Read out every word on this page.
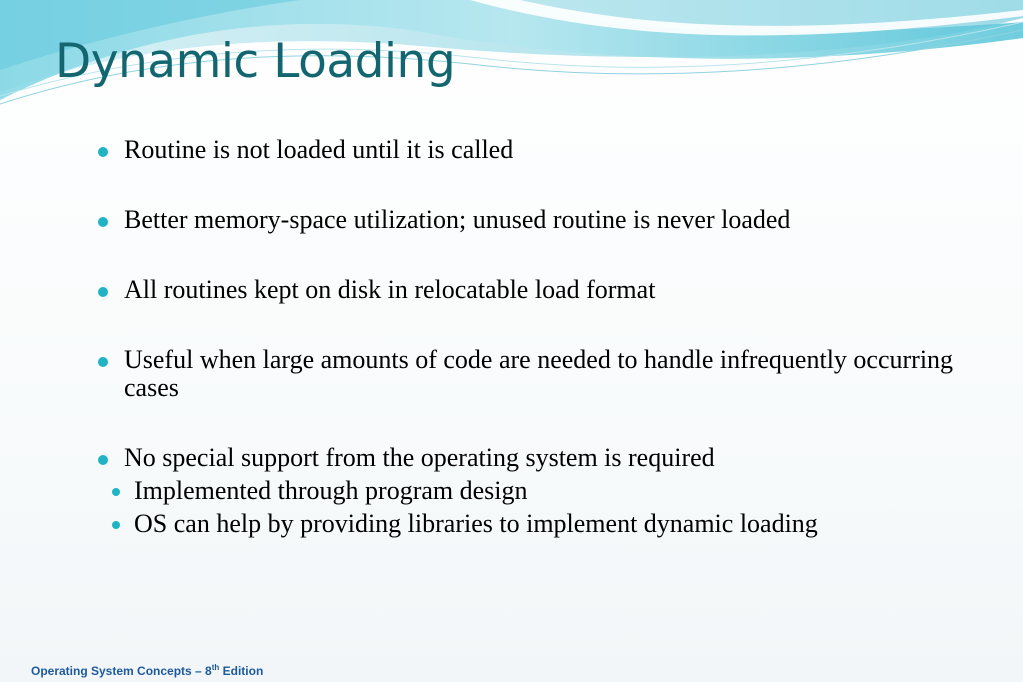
Dynamic Loading
Routine is not loaded until it is called
Better memory-space utilization; unused routine is never loaded
All routines kept on disk in relocatable load format
Useful when large amounts of code are needed to handle infrequently occurring cases
No special support from the operating system is required
Implemented through program design
OS can help by providing libraries to implement dynamic loading
Operating System Concepts – 8th Edition
